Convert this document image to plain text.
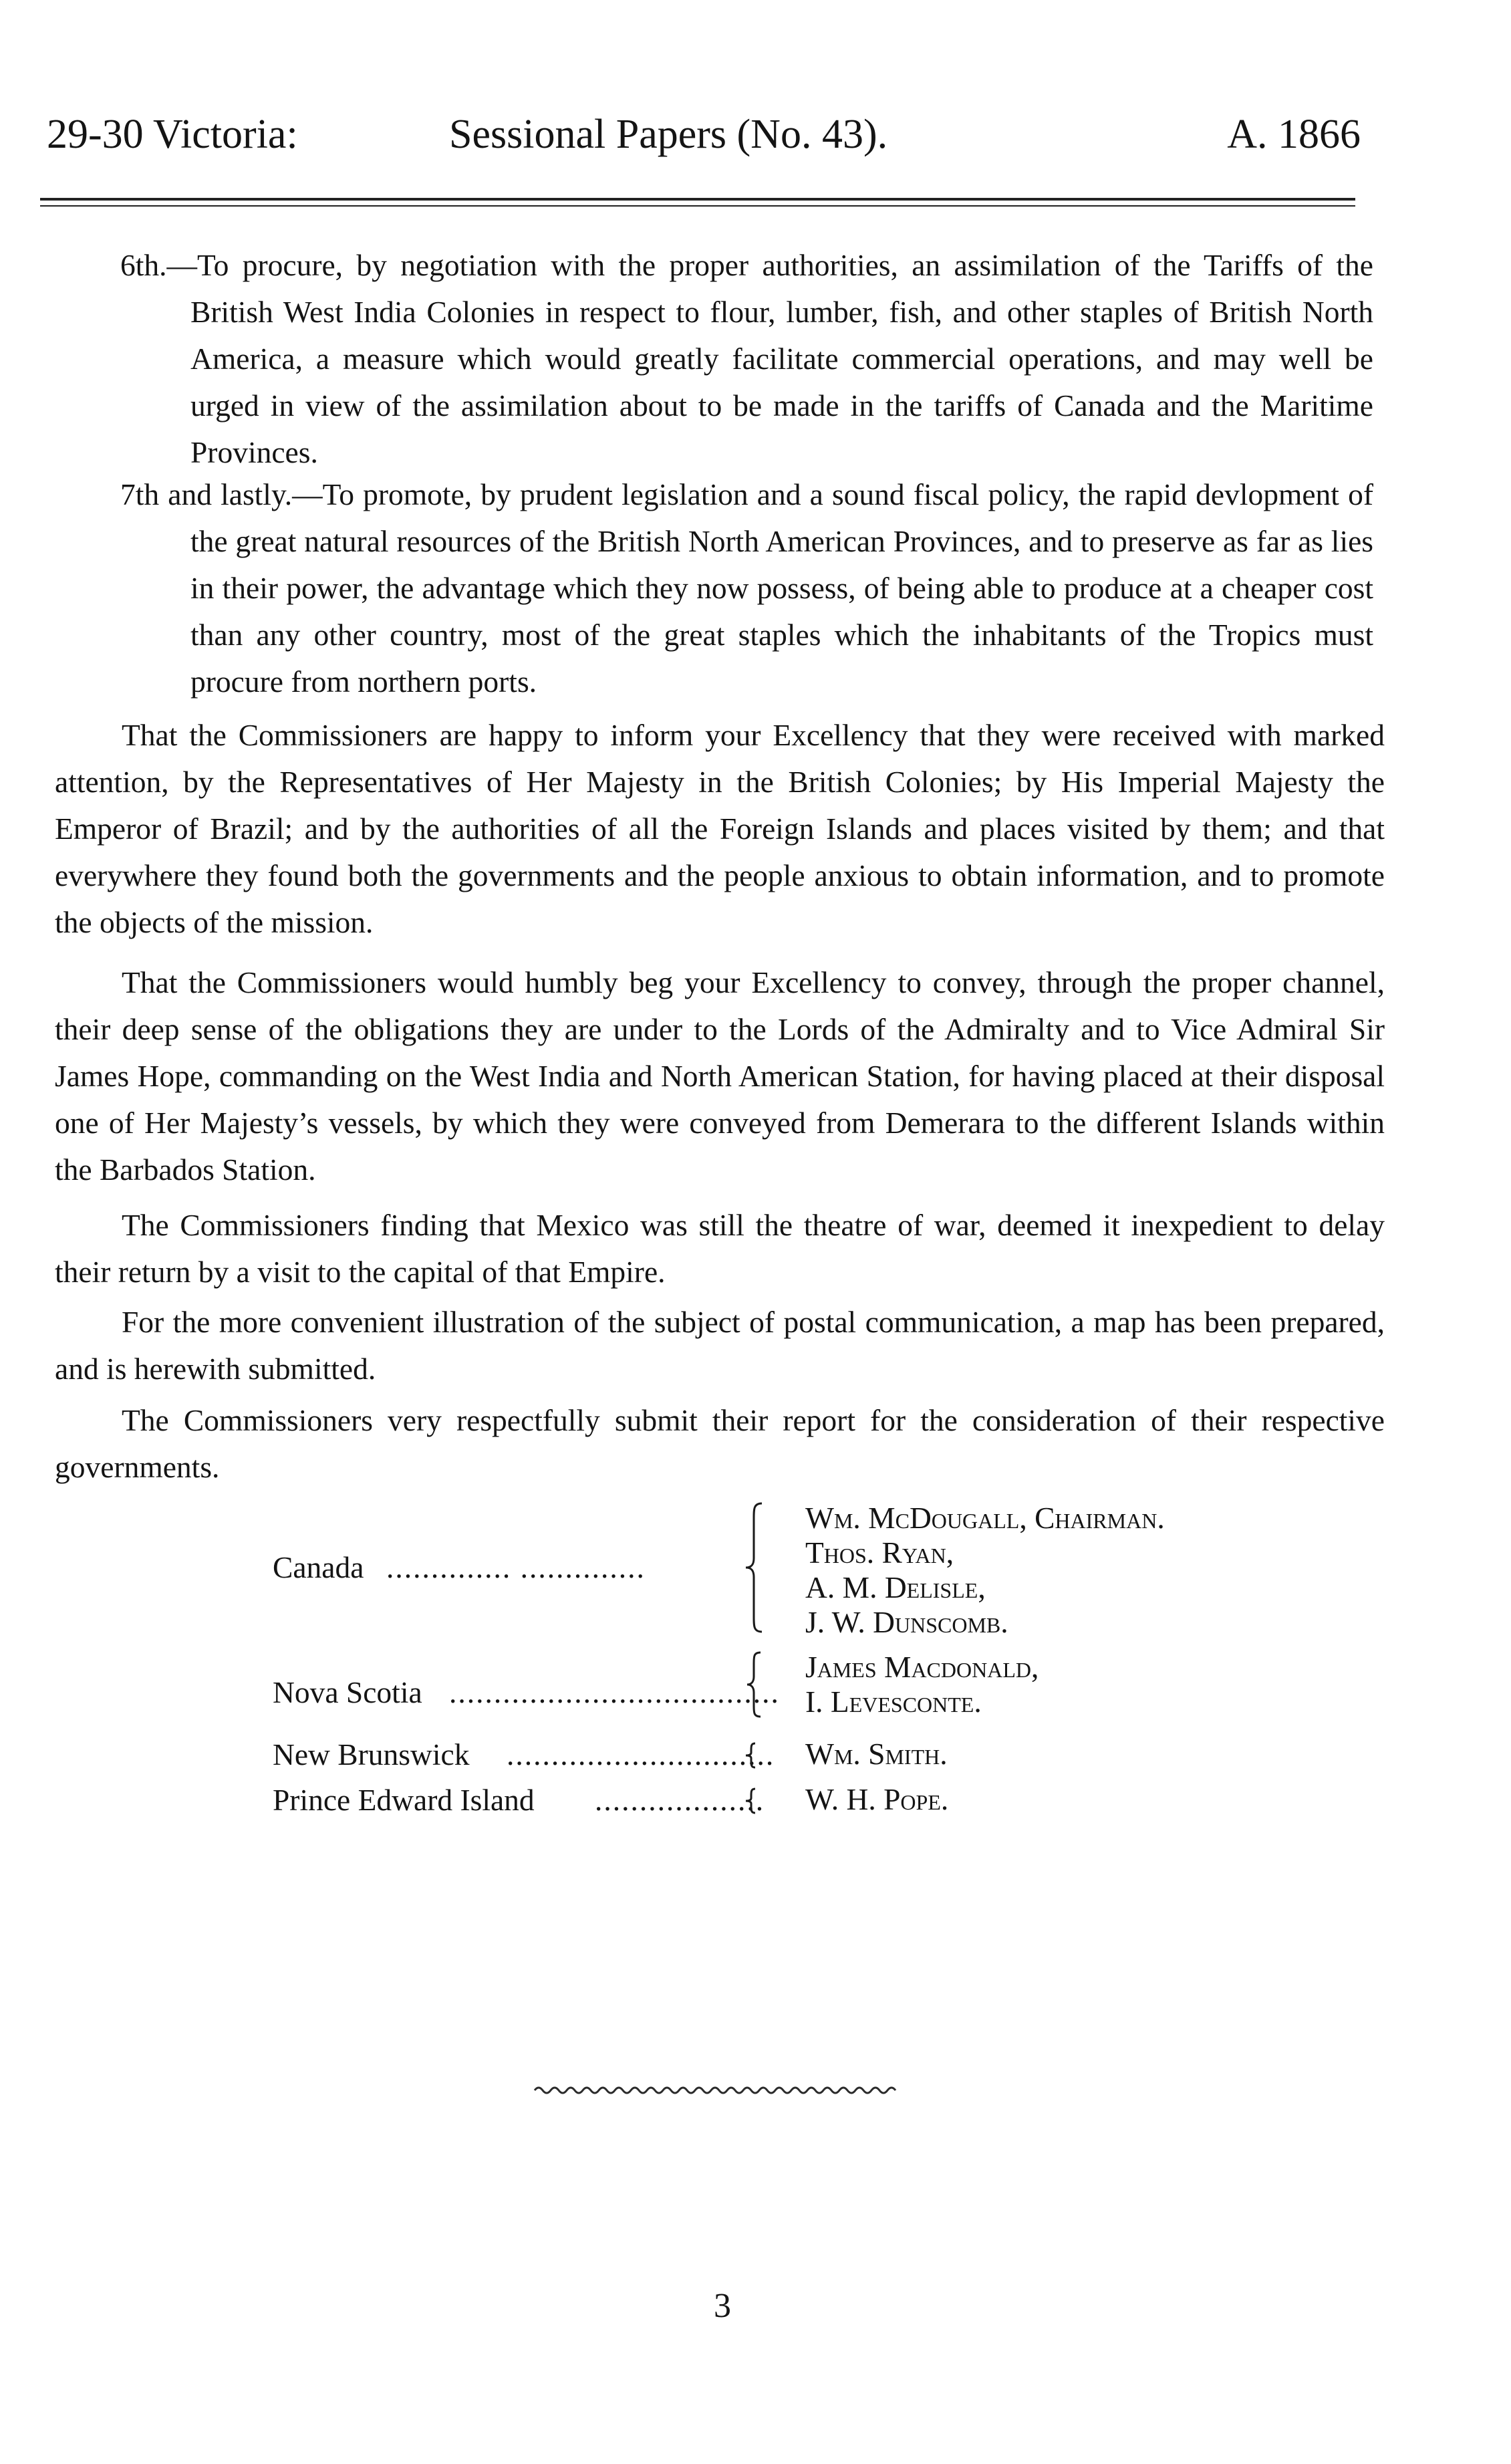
29-30 Victoria:	Sessional Papers (No. 43).	A. 1866

6th.—To procure, by negotiation with the proper authorities, an assimilation of the Tariffs of the British West India Colonies in respect to flour, lumber, fish, and other staples of British North America, a measure which would greatly facilitate commercial operations, and may well be urged in view of the assimilation about to be made in the tariffs of Canada and the Maritime Provinces.

7th and lastly.—To promote, by prudent legislation and a sound fiscal policy, the rapid devlopment of the great natural resources of the British North American Provinces, and to preserve as far as lies in their power, the advantage which they now possess, of being able to produce at a cheaper cost than any other country, most of the great staples which the inhabitants of the Tropics must procure from northern ports.

That the Commissioners are happy to inform your Excellency that they were received with marked attention, by the Representatives of Her Majesty in the British Colonies; by His Imperial Majesty the Emperor of Brazil; and by the authorities of all the Foreign Islands and places visited by them; and that everywhere they found both the governments and the people anxious to obtain information, and to promote the objects of the mission.

That the Commissioners would humbly beg your Excellency to convey, through the proper channel, their deep sense of the obligations they are under to the Lords of the Admiralty and to Vice Admiral Sir James Hope, commanding on the West India and North American Station, for having placed at their disposal one of Her Majesty’s vessels, by which they were conveyed from Demerara to the different Islands within the Barbados Station.

The Commissioners finding that Mexico was still the theatre of war, deemed it inexpedient to delay their return by a visit to the capital of that Empire.

For the more convenient illustration of the subject of postal communication, a map has been prepared, and is herewith submitted.

The Commissioners very respectfully submit their report for the consideration of their respective governments.

Canada .............. ..............
Wm. McDougall, Chairman.
Thos. Ryan,
A. M. Delisle,
J. W. Dunscomb.
Nova Scotia .....................................
James Macdonald,
I. Levesconte.
New Brunswick .............................. Wm. Smith.
Prince Edward Island ................... W. H. Pope.
3
